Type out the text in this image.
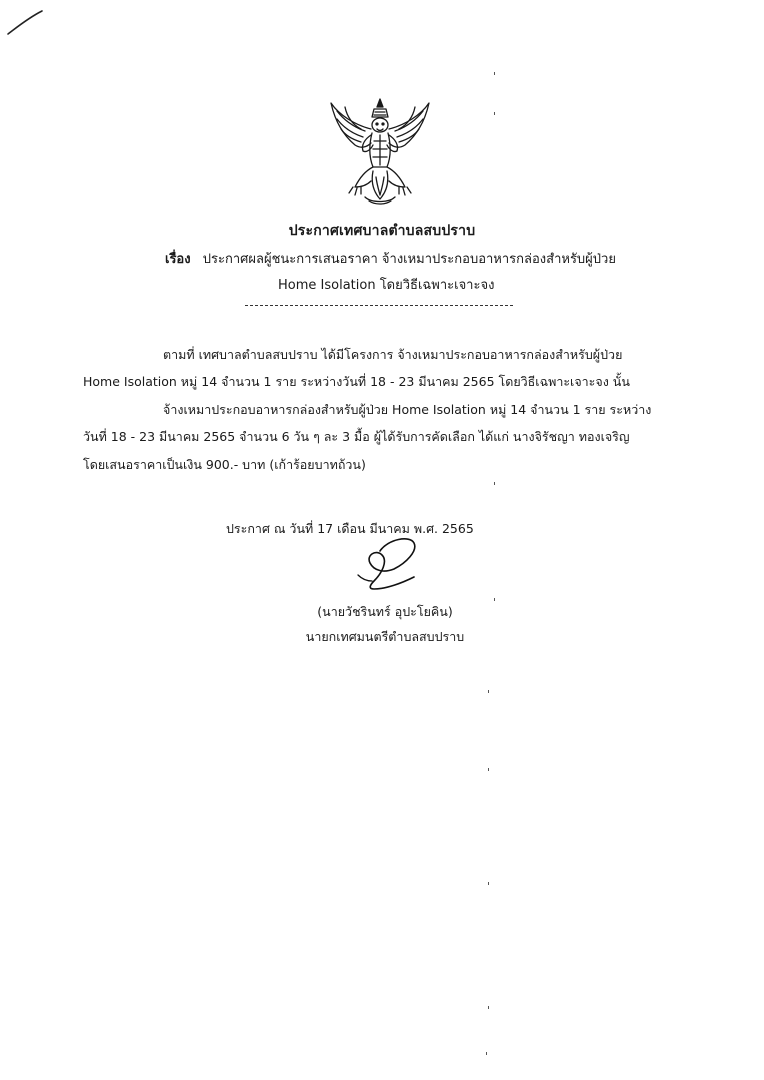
ประกาศเทศบาลตำบลสบปราบ
เรื่อง ประกาศผลผู้ชนะการเสนอราคา จ้างเหมาประกอบอาหารกล่องสำหรับผู้ป่วย
Home Isolation โดยวิธีเฉพาะเจาะจง
ตามที่ เทศบาลตำบลสบปราบ ได้มีโครงการ จ้างเหมาประกอบอาหารกล่องสำหรับผู้ป่วย
Home Isolation หมู่ 14 จำนวน 1 ราย ระหว่างวันที่ 18 - 23 มีนาคม 2565 โดยวิธีเฉพาะเจาะจง นั้น
จ้างเหมาประกอบอาหารกล่องสำหรับผู้ป่วย Home Isolation หมู่ 14 จำนวน 1 ราย ระหว่าง
วันที่ 18 - 23 มีนาคม 2565 จำนวน 6 วัน ๆ ละ 3 มื้อ ผู้ได้รับการคัดเลือก ได้แก่ นางจิรัชญา ทองเจริญ
โดยเสนอราคาเป็นเงิน 900.- บาท (เก้าร้อยบาทถ้วน)
ประกาศ ณ วันที่ 17 เดือน มีนาคม พ.ศ. 2565
(นายวัชรินทร์ อุปะโยคิน)
นายกเทศมนตรีตำบลสบปราบ
